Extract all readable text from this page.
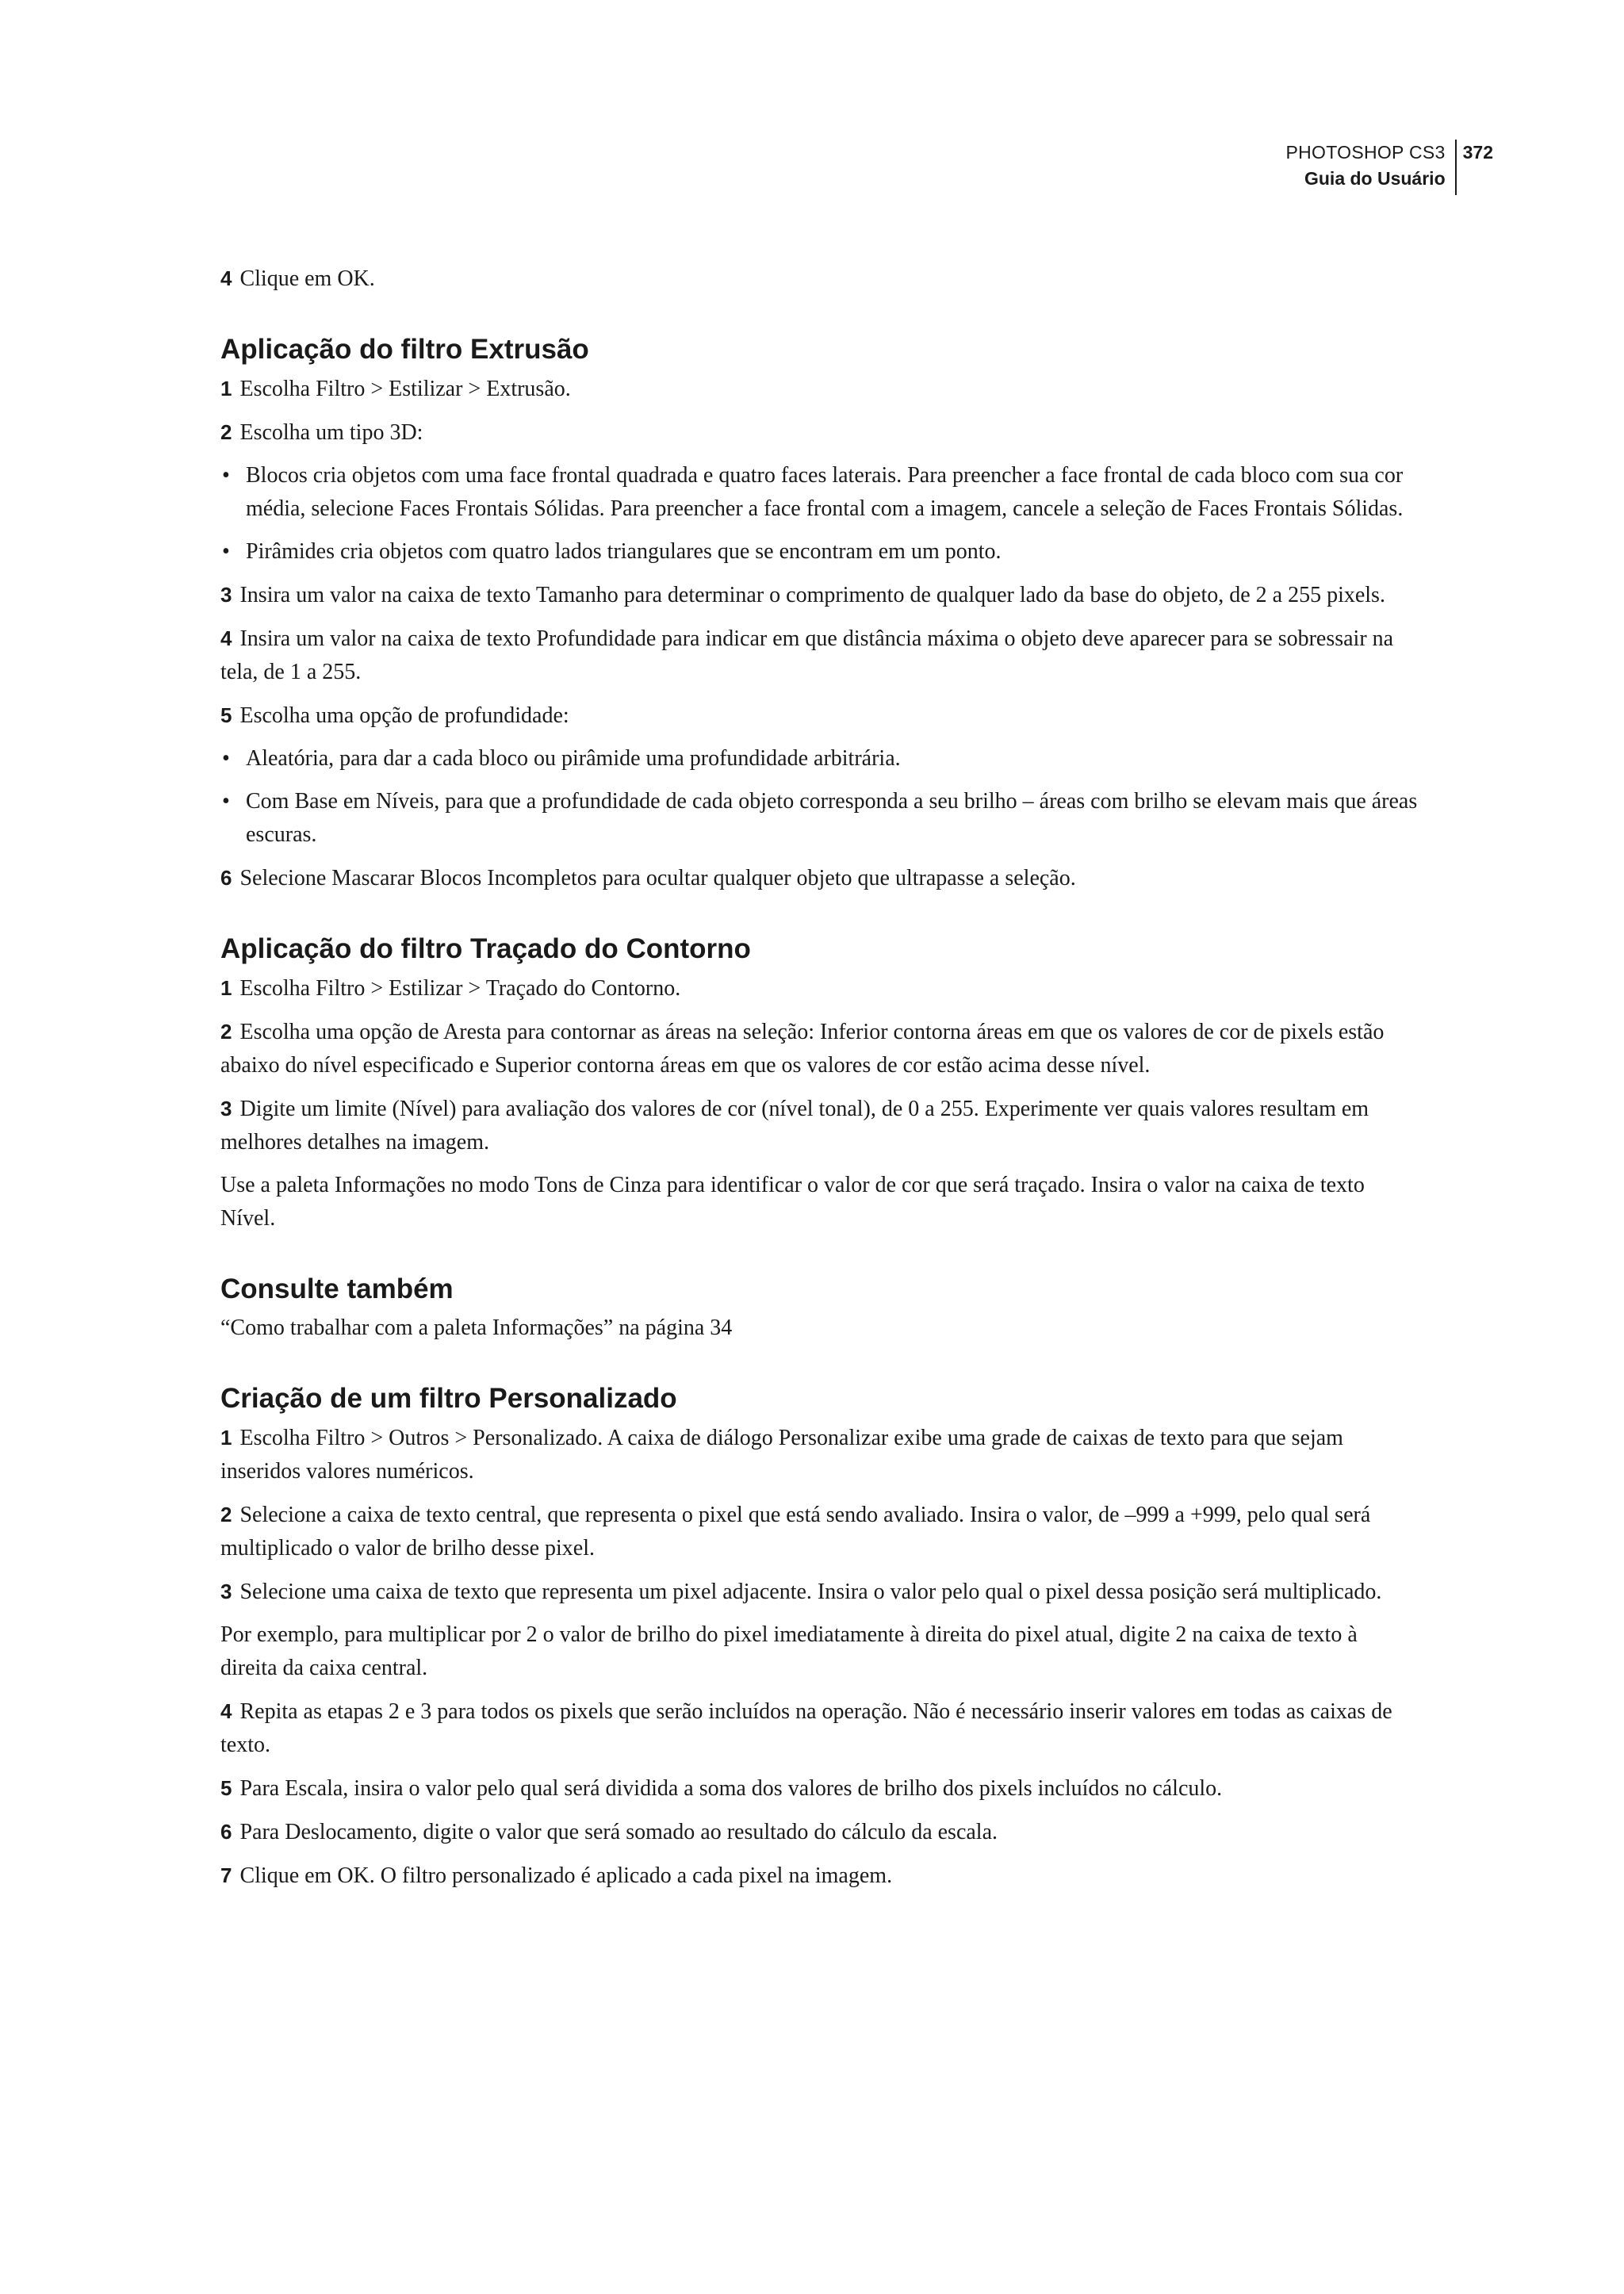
PHOTOSHOP CS3
Guia do Usuário
372

4 Clique em OK.

Aplicação do filtro Extrusão

1 Escolha Filtro > Estilizar > Extrusão.

2 Escolha um tipo 3D:

• Blocos cria objetos com uma face frontal quadrada e quatro faces laterais. Para preencher a face frontal de cada bloco com sua cor média, selecione Faces Frontais Sólidas. Para preencher a face frontal com a imagem, cancele a seleção de Faces Frontais Sólidas.

• Pirâmides cria objetos com quatro lados triangulares que se encontram em um ponto.

3 Insira um valor na caixa de texto Tamanho para determinar o comprimento de qualquer lado da base do objeto, de 2 a 255 pixels.

4 Insira um valor na caixa de texto Profundidade para indicar em que distância máxima o objeto deve aparecer para se sobressair na tela, de 1 a 255.

5 Escolha uma opção de profundidade:

• Aleatória, para dar a cada bloco ou pirâmide uma profundidade arbitrária.

• Com Base em Níveis, para que a profundidade de cada objeto corresponda a seu brilho – áreas com brilho se elevam mais que áreas escuras.

6 Selecione Mascarar Blocos Incompletos para ocultar qualquer objeto que ultrapasse a seleção.

Aplicação do filtro Traçado do Contorno

1 Escolha Filtro > Estilizar > Traçado do Contorno.

2 Escolha uma opção de Aresta para contornar as áreas na seleção: Inferior contorna áreas em que os valores de cor de pixels estão abaixo do nível especificado e Superior contorna áreas em que os valores de cor estão acima desse nível.

3 Digite um limite (Nível) para avaliação dos valores de cor (nível tonal), de 0 a 255. Experimente ver quais valores resultam em melhores detalhes na imagem.

Use a paleta Informações no modo Tons de Cinza para identificar o valor de cor que será traçado. Insira o valor na caixa de texto Nível.

Consulte também

“Como trabalhar com a paleta Informações” na página 34

Criação de um filtro Personalizado

1 Escolha Filtro > Outros > Personalizado. A caixa de diálogo Personalizar exibe uma grade de caixas de texto para que sejam inseridos valores numéricos.

2 Selecione a caixa de texto central, que representa o pixel que está sendo avaliado. Insira o valor, de –999 a +999, pelo qual será multiplicado o valor de brilho desse pixel.

3 Selecione uma caixa de texto que representa um pixel adjacente. Insira o valor pelo qual o pixel dessa posição será multiplicado.

Por exemplo, para multiplicar por 2 o valor de brilho do pixel imediatamente à direita do pixel atual, digite 2 na caixa de texto à direita da caixa central.

4 Repita as etapas 2 e 3 para todos os pixels que serão incluídos na operação. Não é necessário inserir valores em todas as caixas de texto.

5 Para Escala, insira o valor pelo qual será dividida a soma dos valores de brilho dos pixels incluídos no cálculo.

6 Para Deslocamento, digite o valor que será somado ao resultado do cálculo da escala.

7 Clique em OK. O filtro personalizado é aplicado a cada pixel na imagem.
